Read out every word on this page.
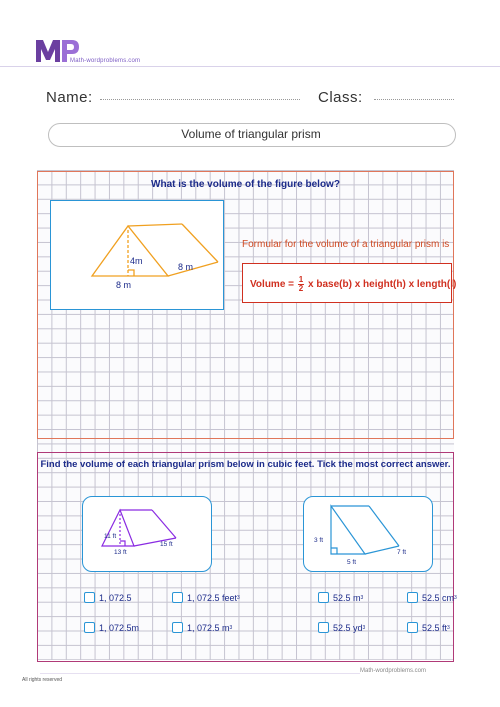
Math-wordproblems.com
Name:	Class:
Volume of triangular prism
What is the volume of the figure below?
4m
8 m
8 m
Formular for the volume of a triangular prism is
Volume = $\frac{1}{2}$ x base(b) x height(h) x length(l)
Find the volume of each triangular prism below in cubic feet. Tick the most correct answer.
11 ft
13 ft
15 ft
3 ft
5 ft
7 ft
1, 072.5	1, 072.5 feet 3
1, 072.5m	1, 072.5 m 3
52.5 m 3	52.5 cm 3
52.5 yd 3	52.5 ft 3
Math-wordproblems.com
All rights reserved
